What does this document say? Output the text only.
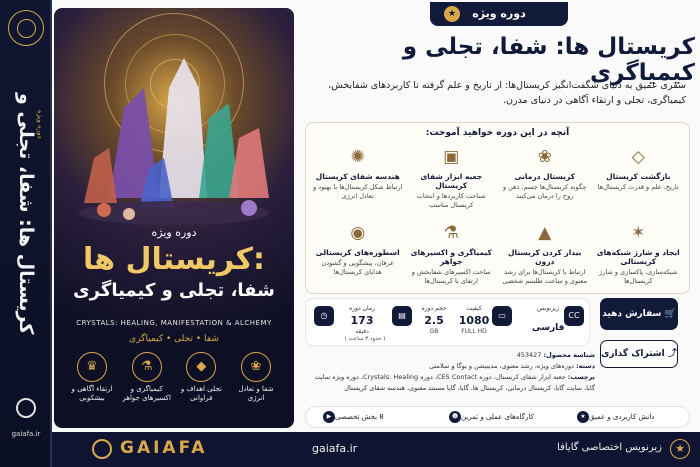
کریستال ها: شفا، تجلی و
دوره ویژه
gaiafa.ir
دوره ویژه
کریستال ها:
شفا، تجلی و کیمیاگری
CRYSTALS: HEALING, MANIFESTATION & ALCHEMY
شفا • تجلی • کیمیاگری
♛
ارتقاء آگاهی و بیشکوبی
⚗
کیمیاگری و اکسیرهای جواهر
◆
تجلی اهداف و فراوانی
❀
شفا و تعادل انرژی
GAIAFA	gaiafa.ir	زیرنویس اختصاصی گایافا	★
★	دوره ویژه
کریستال ها: شفا، تجلی و کیمیاگری
سفری عمیق به دنیای شگفت‌انگیز کریستال‌ها: از تاریخ و علم گرفته تا کاربردهای شفابخش، کیمیاگری، تجلی و ارتقاء آگاهی در دنیای مدرن.
آنچه در این دوره خواهید آموخت:
◇
بازگشت کریستال
تاریخ، علم و قدرت کریستال‌ها
❀
کریستال درمانی
چگونه کریستال‌ها جسم، ذهن و روح را درمان می‌کنند
▣
جعبه ابزار شفای کریستال
شناخت کاربردها و انتخاب کریستال مناسب
✺
هندسه شفای کریستال
ارتباط شکل کریستال‌ها با بهبود و تعادل انرژی
✶
ایجاد و شارژ شبکه‌های کریستالی
شبکه‌سازی، پاکسازی و شارژ کریستال‌ها
▲
بیدار کردن کریستال درون
ارتباط با کریستال‌ها برای رشد معنوی و ساخت طلسم شخصی
⚗
کیمیاگری و اکسیرهای جواهر
ساخت اکسیرهای شفابخش و ارتقای با کریستال‌ها
◉
اسطوره‌های کریستالی
عرفان، پیشگویی و گشودن هدایای کریستال‌ها
CC
زیرنویس
فارسی
▭
کیفیت
1080
FULL HD
▤
حجم دوره
2.5
GB
◷
زمان دوره
173
دقیقه
( حدود ۳ ساعت )
سفارش دهید 🛒
اشتراک گذاری ⤴
شناسه محصول: 453427
دسته: دوره‌های ویژه، رشد معنوی، مدیتیشن و یوگا و سلامتی
برچسب: جعبه ابزار شفای کریستال، دوره CES Contact، دوره Crystals: Healing، دوره ویژه سایت گایا، سایت گایا، کریستال درمانی، کریستال ها، گایا، گایا مستند معنوی، هندسه شفای کریستال
8 بخش تخصصی▶	کارگاه‌های عملی و تمرین☻	دانش کاربردی و عمیق★
